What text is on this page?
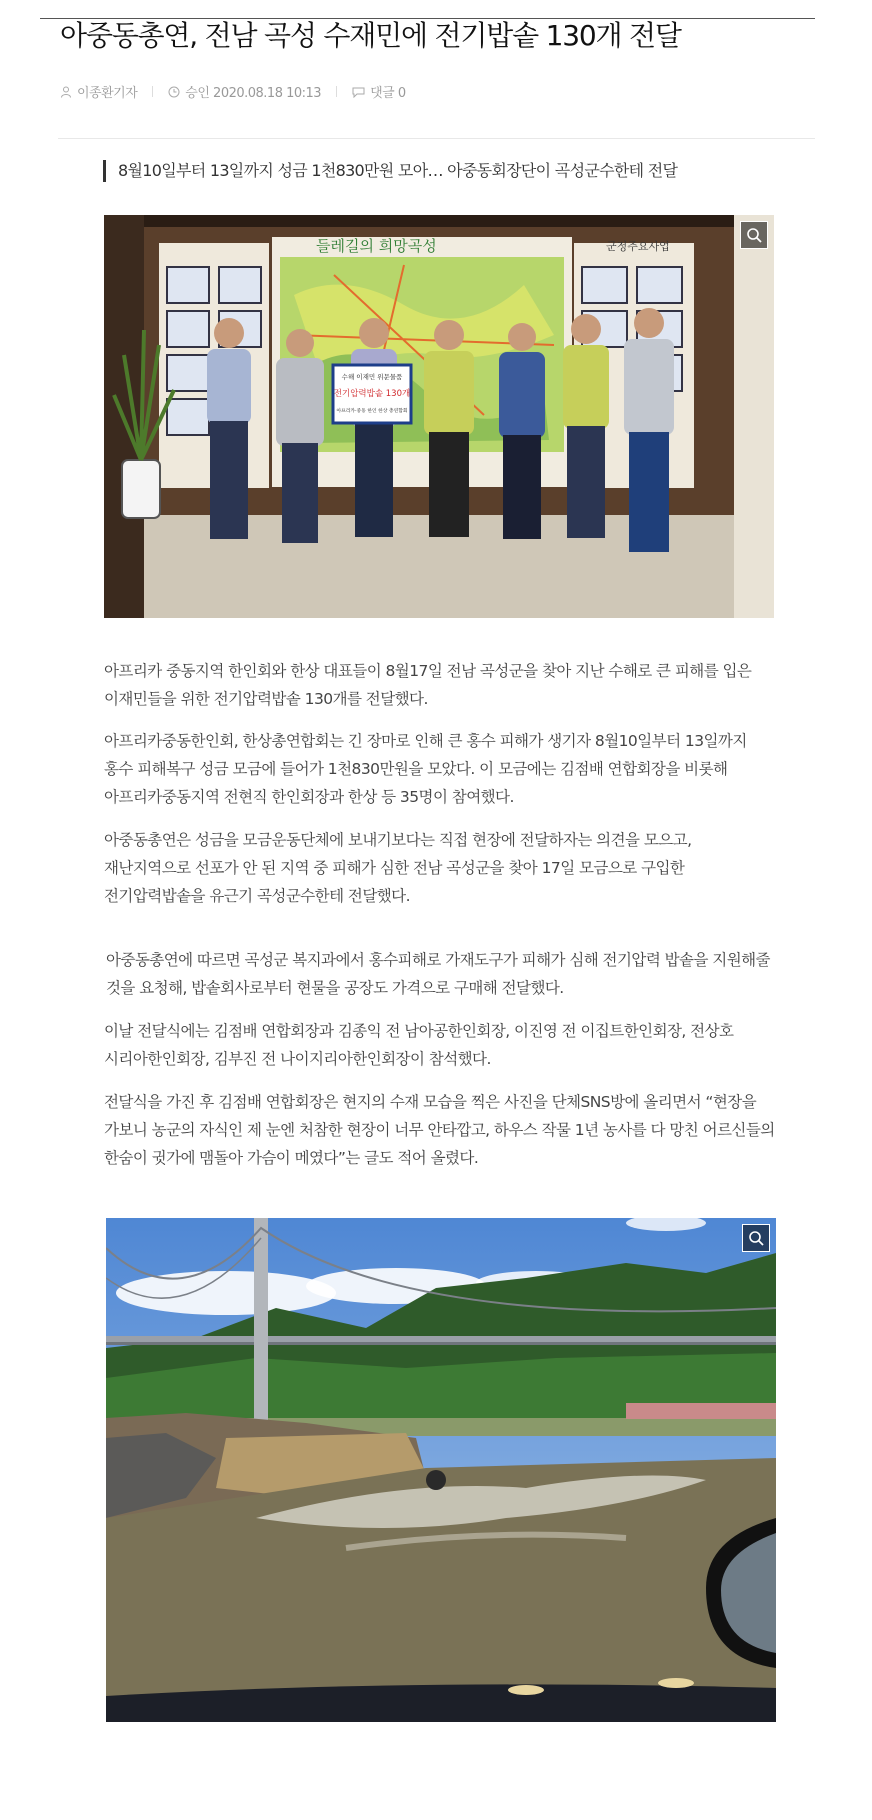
아중동총연, 전남 곡성 수재민에 전기밥솥 130개 전달
이종환기자	승인 2020.08.18 10:13	댓글 0
8월10일부터 13일까지 성금 1천830만원 모아… 아중동회장단이 곡성군수한테 전달
군정주요사업
들레길의 희망곡성
수해 이재민 위문물품
전기압력밥솥 130개
아프리카·중동 한인 한상 총연합회

아프리카 중동지역 한인회와 한상 대표들이 8월17일 전남 곡성군을 찾아 지난 수해로 큰 피해를 입은 이재민들을 위한 전기압력밥솥 130개를 전달했다.

아프리카중동한인회, 한상총연합회는 긴 장마로 인해 큰 홍수 피해가 생기자 8월10일부터 13일까지 홍수 피해복구 성금 모금에 들어가 1천830만원을 모았다. 이 모금에는 김점배 연합회장을 비롯해 아프리카중동지역 전현직 한인회장과 한상 등 35명이 참여했다.

아중동총연은 성금을 모금운동단체에 보내기보다는 직접 현장에 전달하자는 의견을 모으고, 재난지역으로 선포가 안 된 지역 중 피해가 심한 전남 곡성군을 찾아 17일 모금으로 구입한 전기압력밥솥을 유근기 곡성군수한테 전달했다.

아중동총연에 따르면 곡성군 복지과에서 홍수피해로 가재도구가 피해가 심해 전기압력 밥솥을 지원해줄 것을 요청해, 밥솥회사로부터 현물을 공장도 가격으로 구매해 전달했다.

이날 전달식에는 김점배 연합회장과 김종익 전 남아공한인회장, 이진영 전 이집트한인회장, 전상호 시리아한인회장, 김부진 전 나이지리아한인회장이 참석했다.

전달식을 가진 후 김점배 연합회장은 현지의 수재 모습을 찍은 사진을 단체SNS방에 올리면서 “현장을 가보니 농군의 자식인 제 눈엔 처참한 현장이 너무 안타깝고, 하우스 작물 1년 농사를 다 망친 어르신들의 한숨이 귓가에 맴돌아 가슴이 메였다”는 글도 적어 올렸다.
